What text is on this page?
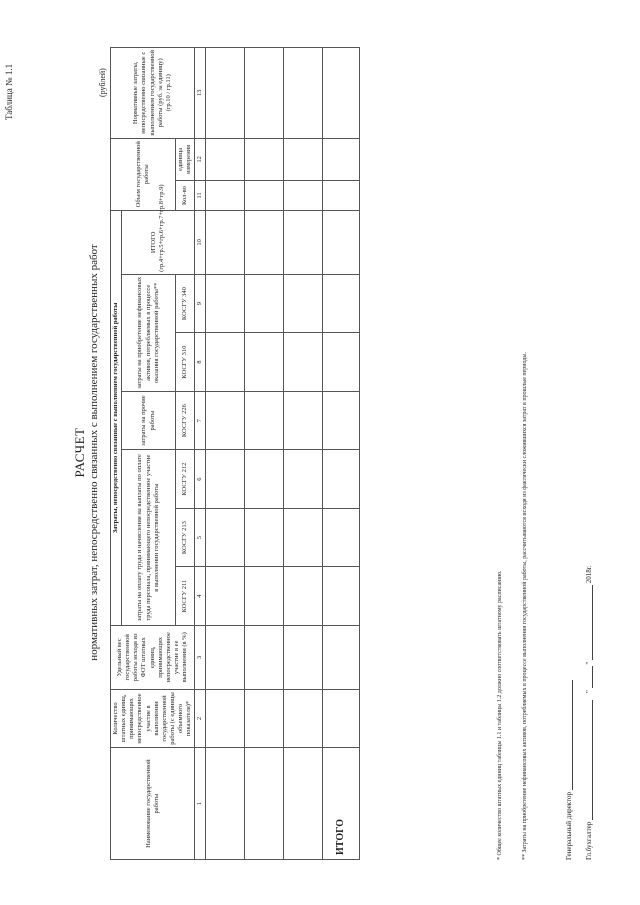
Таблица № 1.1
РАСЧЕТ нормативных затрат, непосредственно связанных с выполнением государственных работ
(рублей)
Наименование государственной работы	Количество штатных единиц, принимающих непосредственное участие в выполнении государственной работы (с единицы объемного показателя)*	Удельный вес государственной работы исходя из ФОТ штатных единиц, принимающих непосредственное участие в ее выполнении (в %)	Затраты, непосредственно связанные с выполнением государственной работы							Объем государственной работы		Нормативные затраты, непосредственно связанные с выполнением государственной работы (руб. за единицу) (гр.10 / гр.11)
			затраты на оплату труда и начисления на выплаты по оплате труда персонала, принимающего непосредственное участие в выполнении государственной работы			затраты на прочие работы	затраты на приобретение нефинансовых активов, потребляемых в процессе оказания государственной работы**		ИТОГО (гр.4+гр.5+гр.6+гр.7+гр.8+гр.9)			
			КОСГУ 211	КОСГУ 213	КОСГУ 212	КОСГУ 226	КОСГУ 310	КОСГУ 340		Кол-во	единица измерения	
1	2	3	4	5	6	7	8	9	10	11	12	13

ИТОГО													* Общее количество штатных единиц таблицы 1.1 и таблицы 1.2 должно соответствовать штатному расписанию.	** Затраты на приобретение нефинансовых активов, потребляемых в процессе выполнения государственной работы, рассчитываются исходя из фактически сложившихся затрат в прошлые периоды.	Генеральный директор Гл.бухгалтер     "  "  2018г.
